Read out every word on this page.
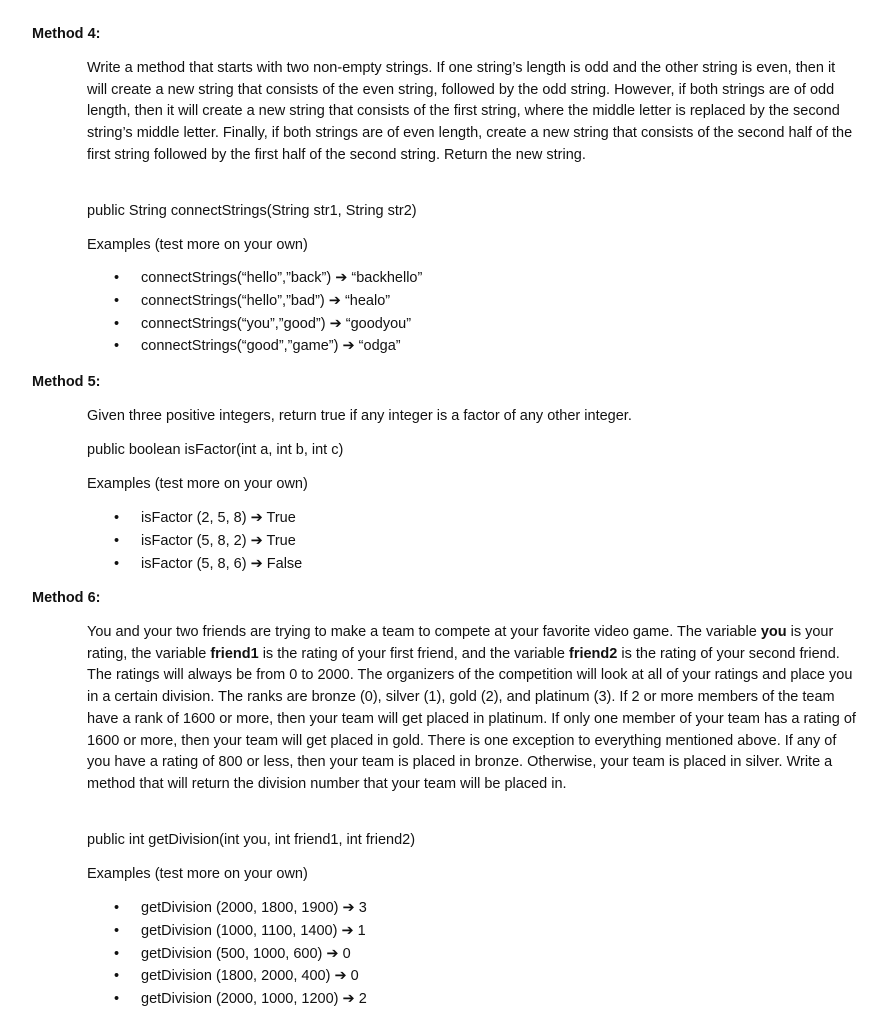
Method 4:
Write a method that starts with two non-empty strings. If one string’s length is odd and the other string is even, then it will create a new string that consists of the even string, followed by the odd string. However, if both strings are of odd length, then it will create a new string that consists of the first string, where the middle letter is replaced by the second string’s middle letter. Finally, if both strings are of even length, create a new string that consists of the second half of the first string followed by the first half of the second string. Return the new string.
public String connectStrings(String str1, String str2)
Examples (test more on your own)
• connectStrings(“hello”,”back”) ➔ “backhello”
• connectStrings(“hello”,”bad”) ➔ “healo”
• connectStrings(“you”,”good”) ➔ “goodyou”
• connectStrings(“good”,”game”) ➔ “odga”
Method 5:
Given three positive integers, return true if any integer is a factor of any other integer.
public boolean isFactor(int a, int b, int c)
Examples (test more on your own)
• isFactor (2, 5, 8) ➔ True
• isFactor (5, 8, 2) ➔ True
• isFactor (5, 8, 6) ➔ False
Method 6:
You and your two friends are trying to make a team to compete at your favorite video game. The variable you is your rating, the variable friend1 is the rating of your first friend, and the variable friend2 is the rating of your second friend. The ratings will always be from 0 to 2000. The organizers of the competition will look at all of your ratings and place you in a certain division. The ranks are bronze (0), silver (1), gold (2), and platinum (3). If 2 or more members of the team have a rank of 1600 or more, then your team will get placed in platinum. If only one member of your team has a rating of 1600 or more, then your team will get placed in gold. There is one exception to everything mentioned above. If any of you have a rating of 800 or less, then your team is placed in bronze. Otherwise, your team is placed in silver. Write a method that will return the division number that your team will be placed in.
public int getDivision(int you, int friend1, int friend2)
Examples (test more on your own)
• getDivision (2000, 1800, 1900) ➔ 3
• getDivision (1000, 1100, 1400) ➔ 1
• getDivision (500, 1000, 600) ➔ 0
• getDivision (1800, 2000, 400) ➔ 0
• getDivision (2000, 1000, 1200) ➔ 2
